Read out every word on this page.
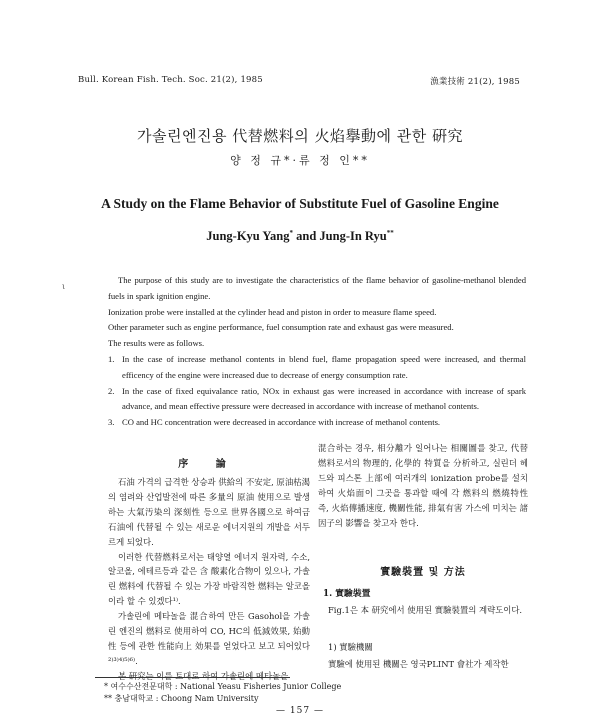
Bull. Korean Fish. Tech. Soc. 21(2), 1985	漁業技術 21(2), 1985
가솔린엔진용 代替燃料의 火焰擧動에 관한 硏究
양 정 규*·류 정 인**
A Study on the Flame Behavior of Substitute Fuel of Gasoline Engine
Jung-Kyu Yang* and Jung-In Ryu**
ι

The purpose of this study are to investigate the characteristics of the flame behavior of gasoline-methanol blended fuels in spark ignition engine.

Ionization probe were installed at the cylinder head and piston in order to measure flame speed.

Other parameter such as engine performance, fuel consumption rate and exhaust gas were measured.

The results were as follows.

1. In the case of increase methanol contents in blend fuel, flame propagation speed were increased, and thermal efficency of the engine were increased due to decrease of energy consumption rate.
2. In the case of fixed equivalance ratio, NOx in exhaust gas were increased in accordance with increase of spark advance, and mean effective pressure were decreased in accordance with increase of methanol contents.
3. CO and HC concentration were decreased in accordance with increase of methanol contents.
序 論

石油 가격의 급격한 상승과 供給의 不安定, 原油枯渴의 염려와 산업발전에 따른 多量의 原油 使用으로 발생하는 大氣汚染의 深刻性 등으로 世界各國으로 하여금 石油에 代替될 수 있는 새로운 에너지원의 개발을 서두르게 되었다.

이러한 代替燃料로서는 태양열 에너지 원자력, 수소, 알코올, 에테르등과 같은 含 酸素化合物이 있으나, 가솔린 燃料에 代替될 수 있는 가장 바람직한 燃料는 알코올이라 할 수 있겠다¹⁾.

가솔린에 메타놀을 混合하여 만든 Gasohol을 가솔린 엔진의 燃料로 使用하여 CO, HC의 低減效果, 始動性 등에 관한 性能向上 効果를 얻었다고 보고 되어있다²⁾³⁾⁴⁾⁵⁾⁶⁾.

본 硏究는 이를 토대로 하여 가솔린에 메타놀을

混合하는 경우, 相分離가 일어나는 相關圖를 찾고, 代替燃料로서의 物理的, 化學的 特質을 分析하고, 실린더 헤드와 피스톤 上部에 여러개의 ionization probe를 설치하여 火焰面이 그곳을 통과할 때에 각 燃料의 燃燒特性 즉, 火焰傳播速度, 機關性能, 排氣有害 가스에 미치는 諸 因子의 影響을 찾고자 한다.

實驗裝置 및 方法
1. 實驗裝置

Fig.1은 本 研究에서 使用된 實驗裝置의 계략도이다.

1) 實驗機關

實驗에 使用된 機關은 영국PLINT 會社가 제작한

* 여수수산전문대학 : National Yeasu Fisheries Junior College
** 충남대학교 : Choong Nam University
— 157 —
